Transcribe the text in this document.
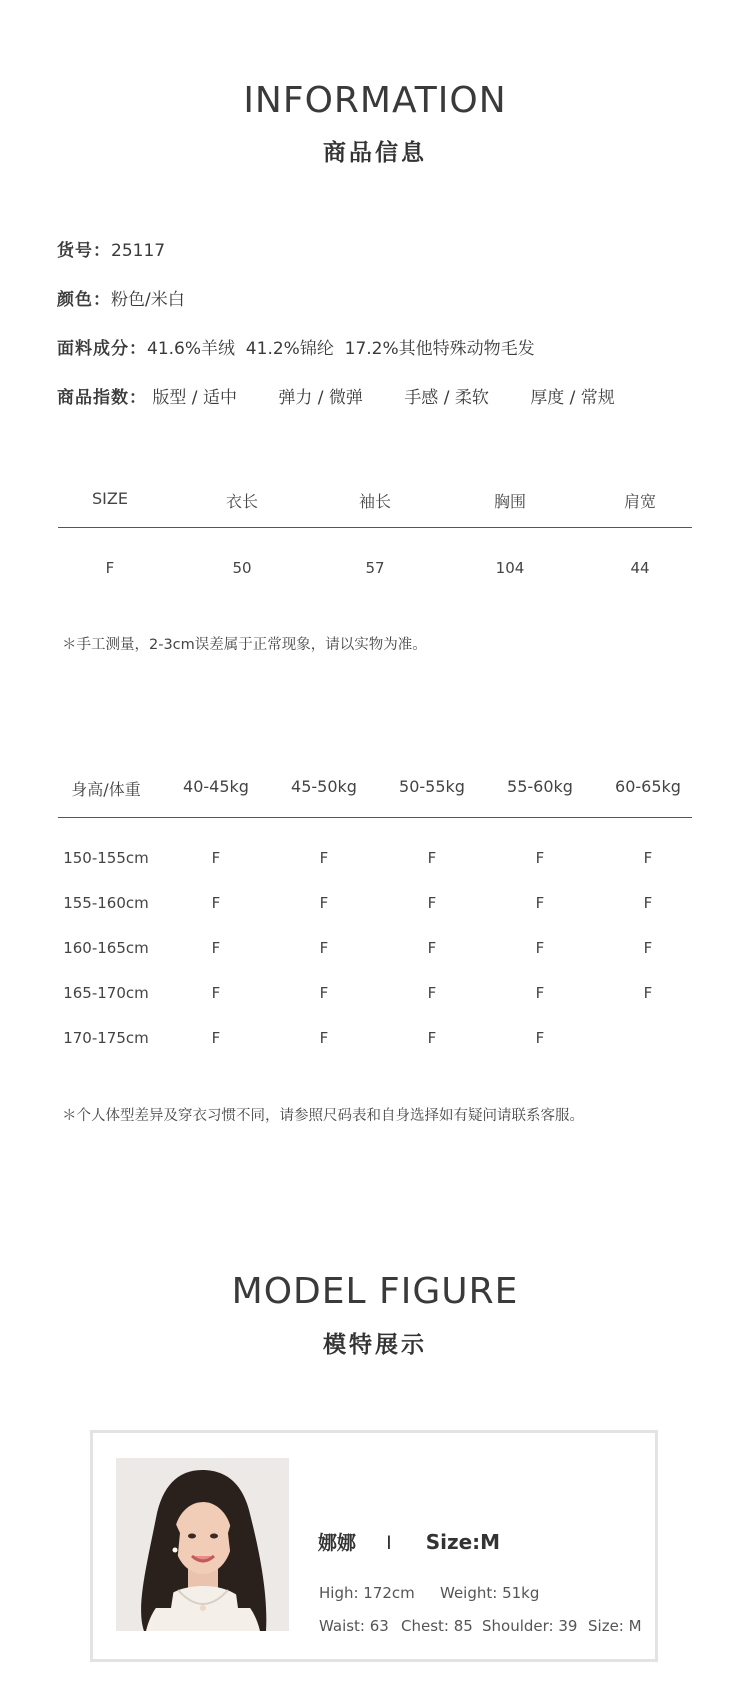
INFORMATION
商品信息
货号：25117
颜色：粉色/米白
面料成分：41.6%羊绒  41.2%锦纶  17.2%其他特殊动物毛发
商品指数： 版型 / 适中 弹力 / 微弹 手感 / 柔软 厚度 / 常规
SIZE	衣长	袖长	胸围	肩宽
F	50	57	104	44
＊手工测量，2-3cm误差属于正常现象，请以实物为准。
身高/体重	40-45kg	45-50kg	50-55kg	55-60kg	60-65kg
150-155cm	F	F	F	F	F
155-160cm	F	F	F	F	F
160-165cm	F	F	F	F	F
165-170cm	F	F	F	F	F
170-175cm	F	F	F	F
＊个人体型差异及穿衣习惯不同，请参照尺码表和自身选择如有疑问请联系客服。
MODEL FIGURE
模特展示
娜娜 I Size:M
High: 172cm Weight: 51kg
Waist: 63 Chest: 85 Shoulder: 39 Size: M
